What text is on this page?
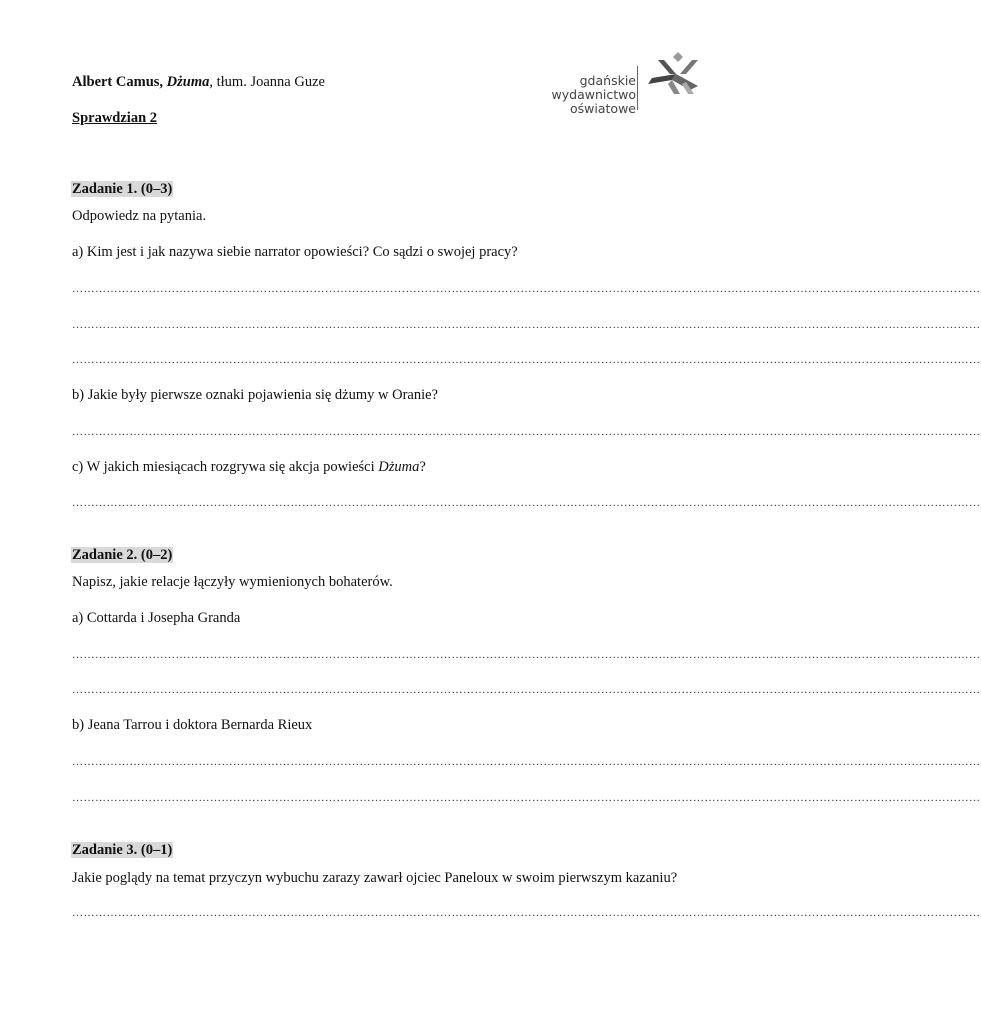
Albert Camus, Dżuma, tłum. Joanna Guze
Sprawdzian 2
gdańskie
wydawnictwo
oświatowe
Zadanie 1. (0–3)
Odpowiedz na pytania.
a) Kim jest i jak nazywa siebie narrator opowieści? Co sądzi o swojej pracy?
…………………………………………………………………………………………………………………………………………………………………………………………………………………
…………………………………………………………………………………………………………………………………………………………………………………………………………………
…………………………………………………………………………………………………………………………………………………………………………………………………………………
b) Jakie były pierwsze oznaki pojawienia się dżumy w Oranie?
…………………………………………………………………………………………………………………………………………………………………………………………………………………
c) W jakich miesiącach rozgrywa się akcja powieści Dżuma?
…………………………………………………………………………………………………………………………………………………………………………………………………………………
Zadanie 2. (0–2)
Napisz, jakie relacje łączyły wymienionych bohaterów.
a) Cottarda i Josepha Granda
…………………………………………………………………………………………………………………………………………………………………………………………………………………
…………………………………………………………………………………………………………………………………………………………………………………………………………………
b) Jeana Tarrou i doktora Bernarda Rieux
…………………………………………………………………………………………………………………………………………………………………………………………………………………
…………………………………………………………………………………………………………………………………………………………………………………………………………………
Zadanie 3. (0–1)
Jakie poglądy na temat przyczyn wybuchu zarazy zawarł ojciec Paneloux w swoim pierwszym kazaniu?
…………………………………………………………………………………………………………………………………………………………………………………………………………………
